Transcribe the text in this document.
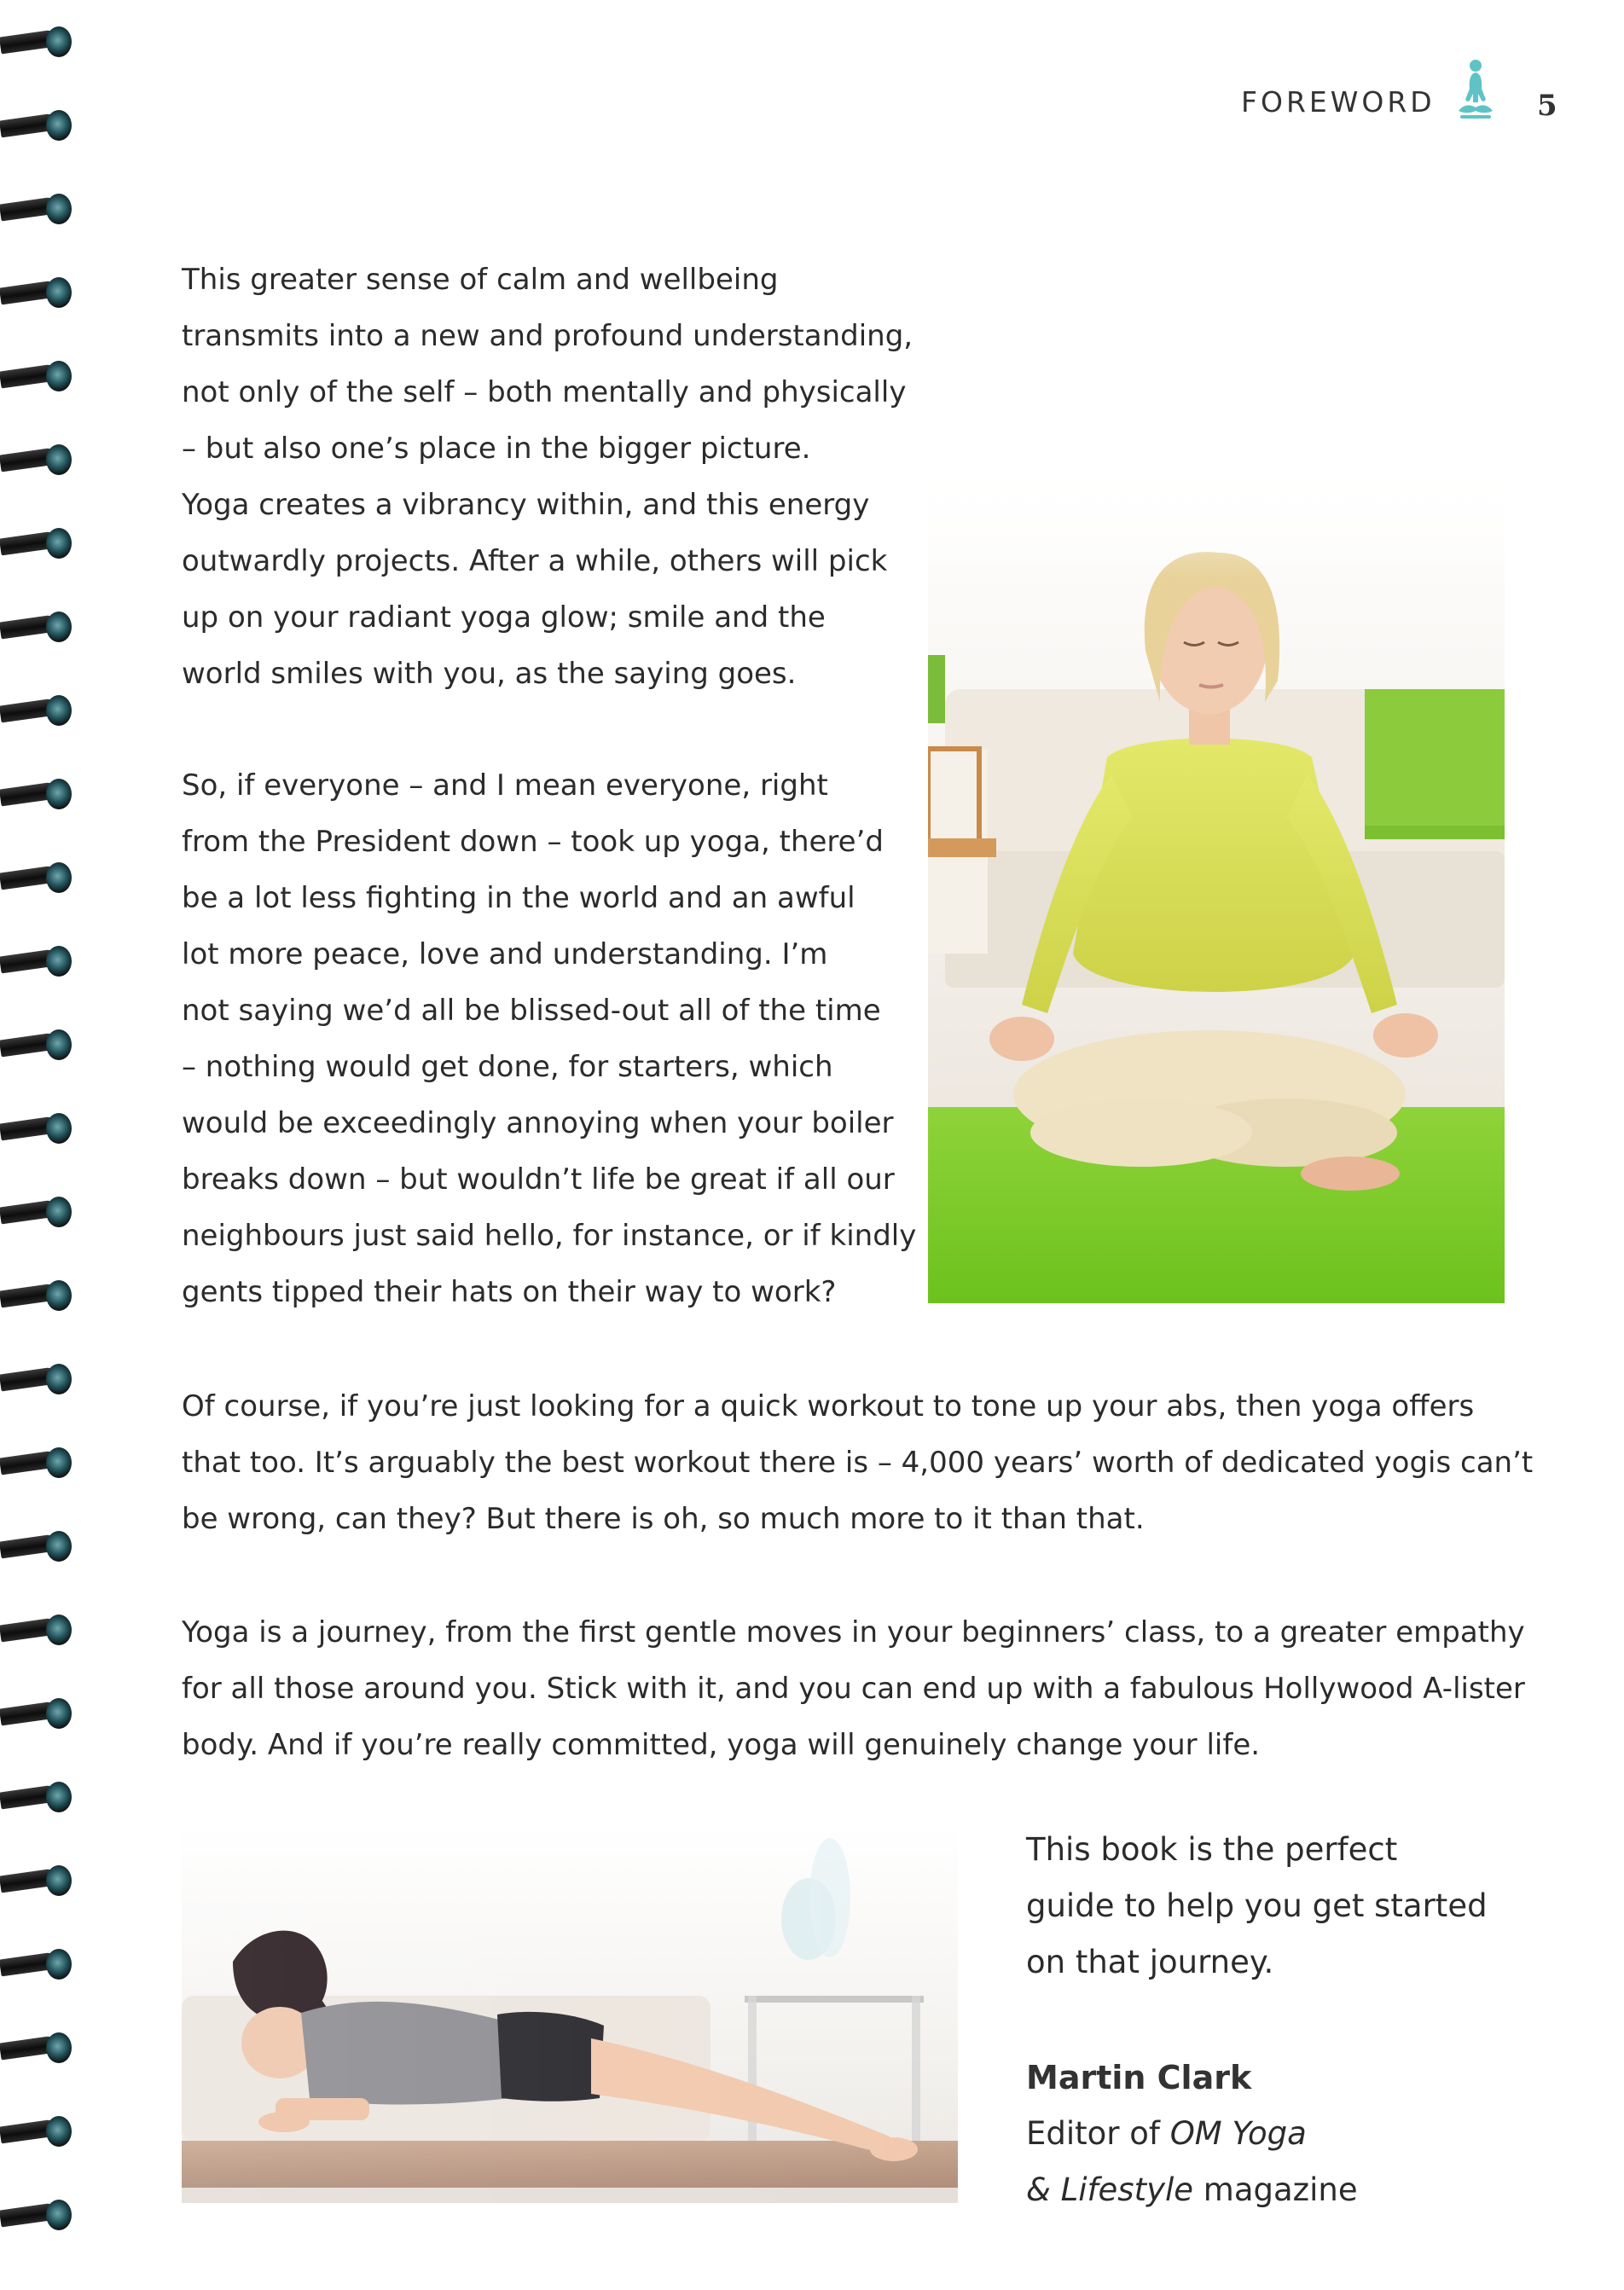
FOREWORD	5
This greater sense of calm and wellbeing
transmits into a new and profound understanding,
not only of the self – both mentally and physically
– but also one’s place in the bigger picture.
Yoga creates a vibrancy within, and this energy
outwardly projects. After a while, others will pick
up on your radiant yoga glow; smile and the
world smiles with you, as the saying goes.
So, if everyone – and I mean everyone, right
from the President down – took up yoga, there’d
be a lot less fighting in the world and an awful
lot more peace, love and understanding. I’m
not saying we’d all be blissed-out all of the time
– nothing would get done, for starters, which
would be exceedingly annoying when your boiler
breaks down – but wouldn’t life be great if all our
neighbours just said hello, for instance, or if kindly
gents tipped their hats on their way to work?
Of course, if you’re just looking for a quick workout to tone up your abs, then yoga offers
that too. It’s arguably the best workout there is – 4,000 years’ worth of dedicated yogis can’t
be wrong, can they? But there is oh, so much more to it than that.
Yoga is a journey, from the first gentle moves in your beginners’ class, to a greater empathy
for all those around you. Stick with it, and you can end up with a fabulous Hollywood A-lister
body. And if you’re really committed, yoga will genuinely change your life.
This book is the perfect
guide to help you get started
on that journey.
Martin Clark
Editor of OM Yoga
& Lifestyle magazine
